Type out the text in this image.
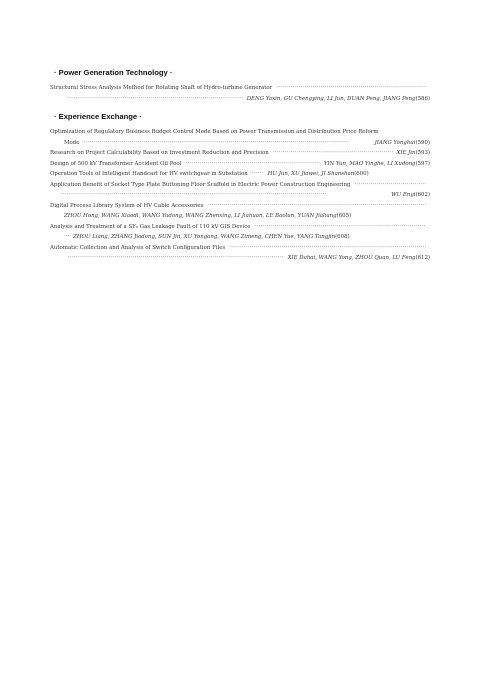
· Power Generation Technology ·
Structural Stress Analysis Method for Rotating Shaft of Hydro-turbine Generator
·····
·····
DENG Yaxin, GU Chengying, LI Jun, DUAN Peng, JIANG Peng (586)
· Experience Exchange ·
Optimization of Regulatory Business Budget Control Mode Based on Power Transmission and Distribution Price Reform
Mode ·····	JIANG Yonghui (590)
Research on Project Calculability Based on Investment Reduction and Precision ·····	XIE Jin (593)
Design of 500 kV Transformer Accident Oil Pool ·····	YIN Yun, MAO Yinghe, LI Xudong (597)
Operation Tools of Intelligent Handcart for HV switchgear in Substation ······	HU Jun, XU Jiawei, JI Shanshan (600)
Application Benefit of Socket Type Plate Buttoning Floor Scaffold in Electric Power Construction Engineering
·····
·····
WU Engi (602)
Digital Process Library System of HV Cable Accessories
·····
ZHOU Hong, WANG Xiaodi, WANG Yudong, WANG Zhenxing, LI Jiahuan, LE Baolun, YUAN Jialiang (605)
Analysis and Treatment of a SF₆ Gas Leakage Fault of 110 kV GIS Device
·····
··· ZHOU Liang, ZHANG Jiadong, SUN Jin, XU Yongang, WANG Zimeng, CHEN Yue, YANG Tangjin (608)
Automatic Collection and Analysis of Switch Configuration Files
·····
·····
XIE Dahai, WANG Yong, ZHOU Quan, LU Feng (612)
